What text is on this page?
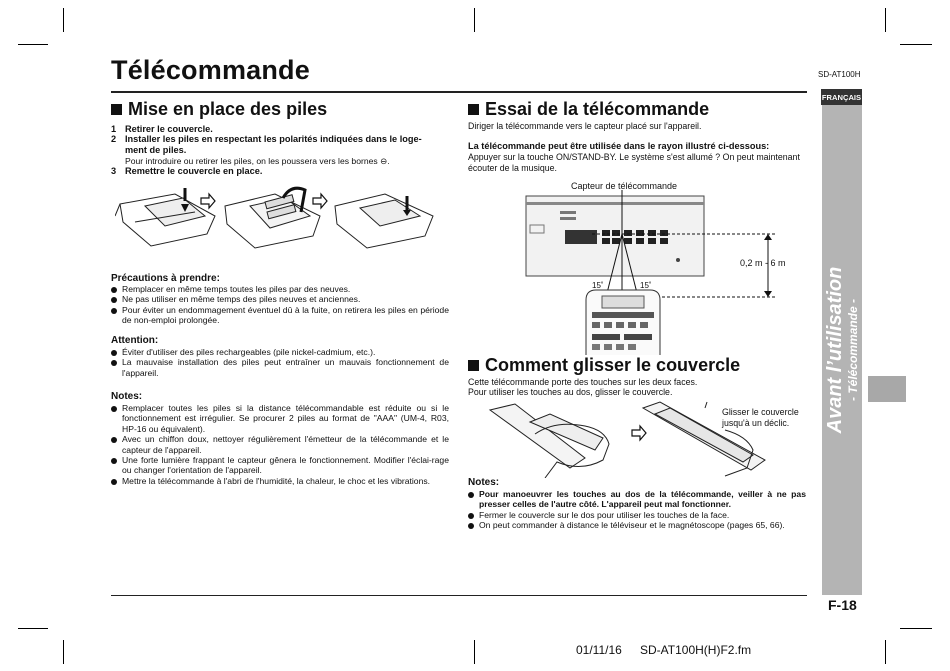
Télécommande	SD-AT100H
FRANÇAIS
Avant l’utilisation - Télécommande -
Mise en place des piles
1 Retirer le couvercle.
2 Installer les piles en respectant les polarités indiquées dans le loge-
ment de piles.
Pour introduire ou retirer les piles, on les poussera vers les bornes ⊖.
3 Remettre le couvercle en place.
Précautions à prendre:
Remplacer en même temps toutes les piles par des neuves.
Ne pas utiliser en même temps des piles neuves et anciennes.
Pour éviter un endommagement éventuel dû à la fuite, on retirera les piles en période de non-emploi prolongée.
Attention:
Éviter d'utiliser des piles rechargeables (pile nickel-cadmium, etc.).
La mauvaise installation des piles peut entraîner un mauvais fonctionnement de l'appareil.
Notes:
Remplacer toutes les piles si la distance télécommandable est réduite ou si le fonctionnement est irrégulier. Se procurer 2 piles au format de "AAA" (UM-4, R03, HP-16 ou équivalent).
Avec un chiffon doux, nettoyer régulièrement l'émetteur de la télécommande et le capteur de l'appareil.
Une forte lumière frappant le capteur gênera le fonctionnement. Modifier l'éclai-rage ou changer l'orientation de l'appareil.
Mettre la télécommande à l'abri de l'humidité, la chaleur, le choc et les vibrations.
Essai de la télécommande
Diriger la télécommande vers le capteur placé sur l'appareil.
La télécommande peut être utilisée dans le rayon illustré ci-dessous:
Appuyer sur la touche ON/STAND-BY. Le système s'est allumé ? On peut maintenant écouter de la musique.
Capteur de télécommande
0,2 m - 6 m
15˚	15˚
Comment glisser le couvercle
Cette télécommande porte des touches sur les deux faces.
Pour utiliser les touches au dos, glisser le couvercle.
Glisser le couvercle jusqu'à un déclic.
Notes:
Pour manoeuvrer les touches au dos de la télécommande, veiller à ne pas presser celles de l'autre côté. L'appareil peut mal fonctionner.
Fermer le couvercle sur le dos pour utiliser les touches de la face.
On peut commander à distance le téléviseur et le magnétoscope (pages 65, 66).
F-18
01/11/16 SD-AT100H(H)F2.fm
